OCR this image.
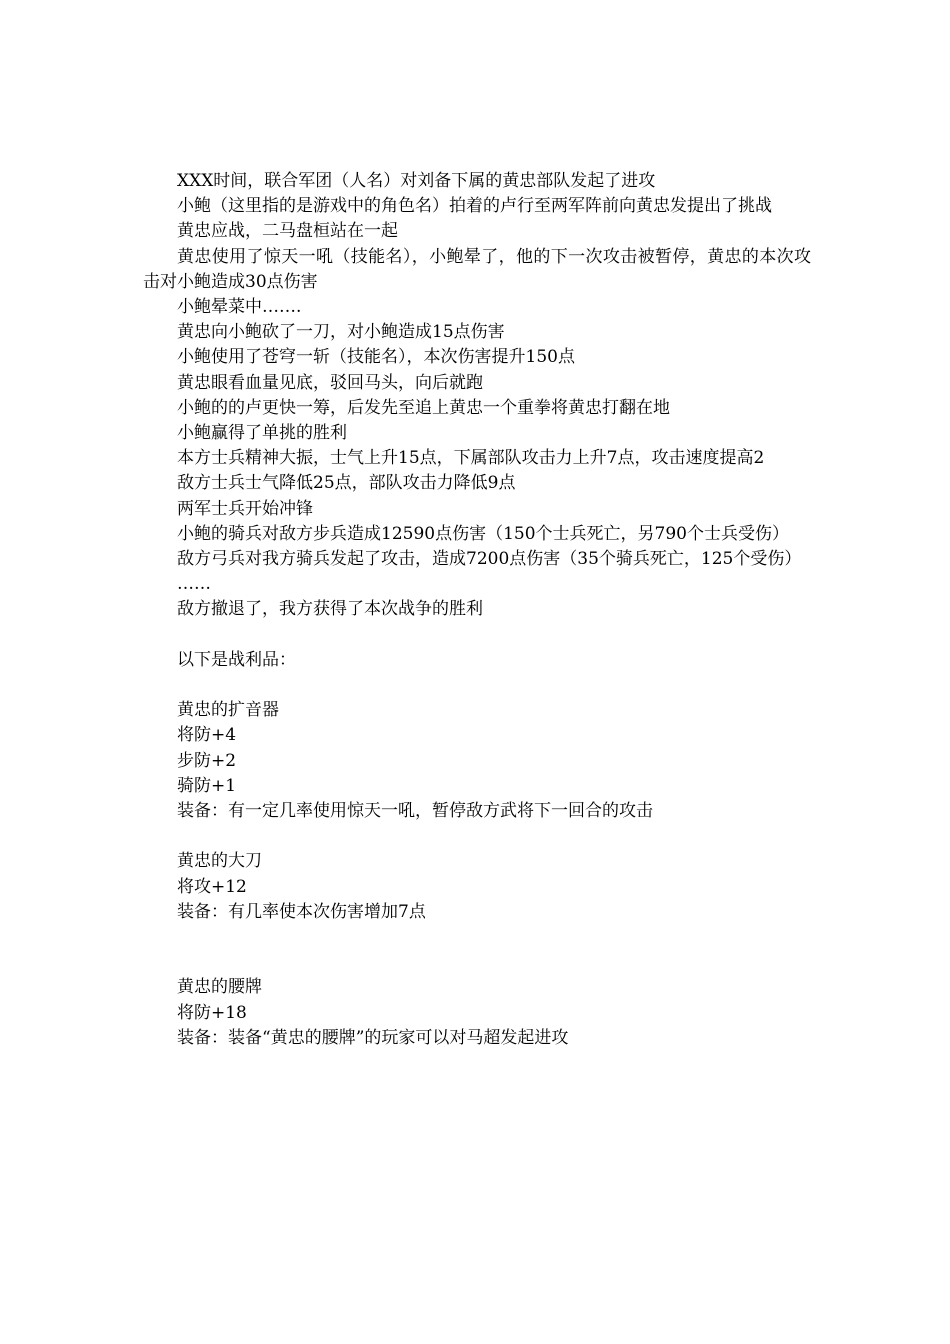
XXX时间，联合军团（人名）对刘备下属的黄忠部队发起了进攻

小鲍（这里指的是游戏中的角色名）拍着的卢行至两军阵前向黄忠发提出了挑战

黄忠应战，二马盘桓站在一起

黄忠使用了惊天一吼（技能名），小鲍晕了，他的下一次攻击被暂停，黄忠的本次攻击对小鲍造成30点伤害

小鲍晕菜中…….

黄忠向小鲍砍了一刀，对小鲍造成15点伤害

小鲍使用了苍穹一斩（技能名），本次伤害提升150点

黄忠眼看血量见底，驳回马头，向后就跑

小鲍的的卢更快一筹，后发先至追上黄忠一个重拳将黄忠打翻在地

小鲍赢得了单挑的胜利

本方士兵精神大振，士气上升15点，下属部队攻击力上升7点，攻击速度提高2

敌方士兵士气降低25点，部队攻击力降低9点

两军士兵开始冲锋

小鲍的骑兵对敌方步兵造成12590点伤害（150个士兵死亡，另790个士兵受伤）

敌方弓兵对我方骑兵发起了攻击，造成7200点伤害（35个骑兵死亡，125个受伤）

……

敌方撤退了，我方获得了本次战争的胜利

以下是战利品：

黄忠的扩音器

将防+4

步防+2

骑防+1

装备：有一定几率使用惊天一吼，暂停敌方武将下一回合的攻击

黄忠的大刀

将攻+12

装备：有几率使本次伤害增加7点

黄忠的腰牌

将防+18

装备：装备“黄忠的腰牌”的玩家可以对马超发起进攻
